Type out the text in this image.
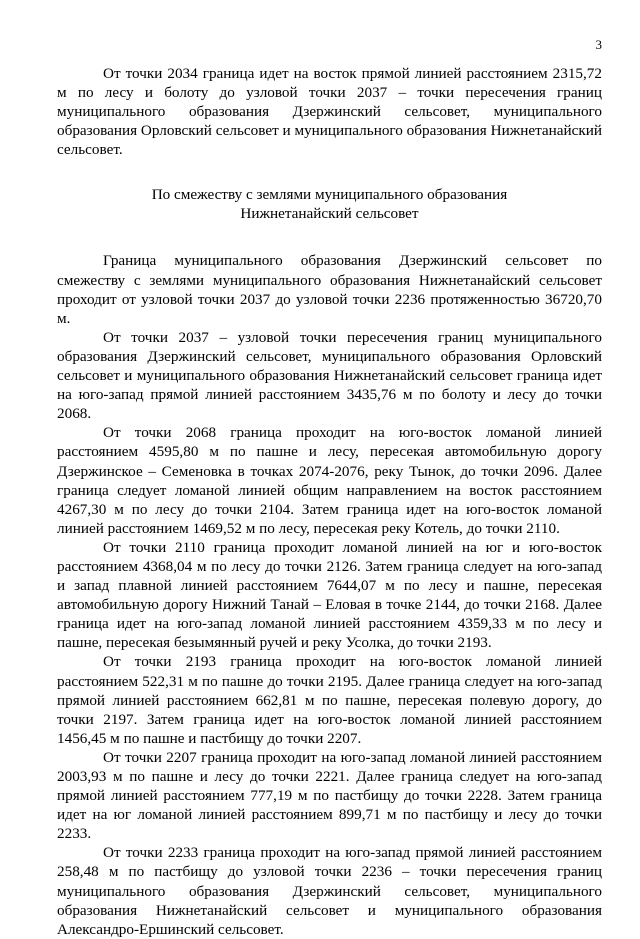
3

От точки 2034 граница идет на восток прямой линией расстоянием 2315,72 м по лесу и болоту до узловой точки 2037 – точки пересечения границ муниципального образования Дзержинский сельсовет, муниципального образования Орловский сельсовет и муниципального образования Нижнетанайский сельсовет.

По смежеству с землями муниципального образования
Нижнетанайский сельсовет

Граница муниципального образования Дзержинский сельсовет по смежеству с землями муниципального образования Нижнетанайский сельсовет проходит от узловой точки 2037 до узловой точки 2236 протяженностью 36720,70 м.

От точки 2037 – узловой точки пересечения границ муниципального образования Дзержинский сельсовет, муниципального образования Орловский сельсовет и муниципального образования Нижнетанайский сельсовет граница идет на юго-запад прямой линией расстоянием 3435,76 м по болоту и лесу до точки 2068.

От точки 2068 граница проходит на юго-восток ломаной линией расстоянием 4595,80 м по пашне и лесу, пересекая автомобильную дорогу Дзержинское – Семеновка в точках 2074-2076, реку Тынок, до точки 2096. Далее граница следует ломаной линией общим направлением на восток расстоянием 4267,30 м по лесу до точки 2104. Затем граница идет на юго-восток ломаной линией расстоянием 1469,52 м по лесу, пересекая реку Котель, до точки 2110.

От точки 2110 граница проходит ломаной линией на юг и юго-восток расстоянием 4368,04 м по лесу до точки 2126. Затем граница следует на юго-запад и запад плавной линией расстоянием 7644,07 м по лесу и пашне, пересекая автомобильную дорогу Нижний Танай – Еловая в точке 2144, до точки 2168. Далее граница идет на юго-запад ломаной линией расстоянием 4359,33 м по лесу и пашне, пересекая безымянный ручей и реку Усолка, до точки 2193.

От точки 2193 граница проходит на юго-восток ломаной линией расстоянием 522,31 м по пашне до точки 2195. Далее граница следует на юго-запад прямой линией расстоянием 662,81 м по пашне, пересекая полевую дорогу, до точки 2197. Затем граница идет на юго-восток ломаной линией расстоянием 1456,45 м по пашне и пастбищу до точки 2207.

От точки 2207 граница проходит на юго-запад ломаной линией расстоянием 2003,93 м по пашне и лесу до точки 2221. Далее граница следует на юго-запад прямой линией расстоянием 777,19 м по пастбищу до точки 2228. Затем граница идет на юг ломаной линией расстоянием 899,71 м по пастбищу и лесу до точки 2233.

От точки 2233 граница проходит на юго-запад прямой линией расстоянием 258,48 м по пастбищу до узловой точки 2236 – точки пересечения границ муниципального образования Дзержинский сельсовет, муниципального образования Нижнетанайский сельсовет и муниципального образования Александро-Ершинский сельсовет.
